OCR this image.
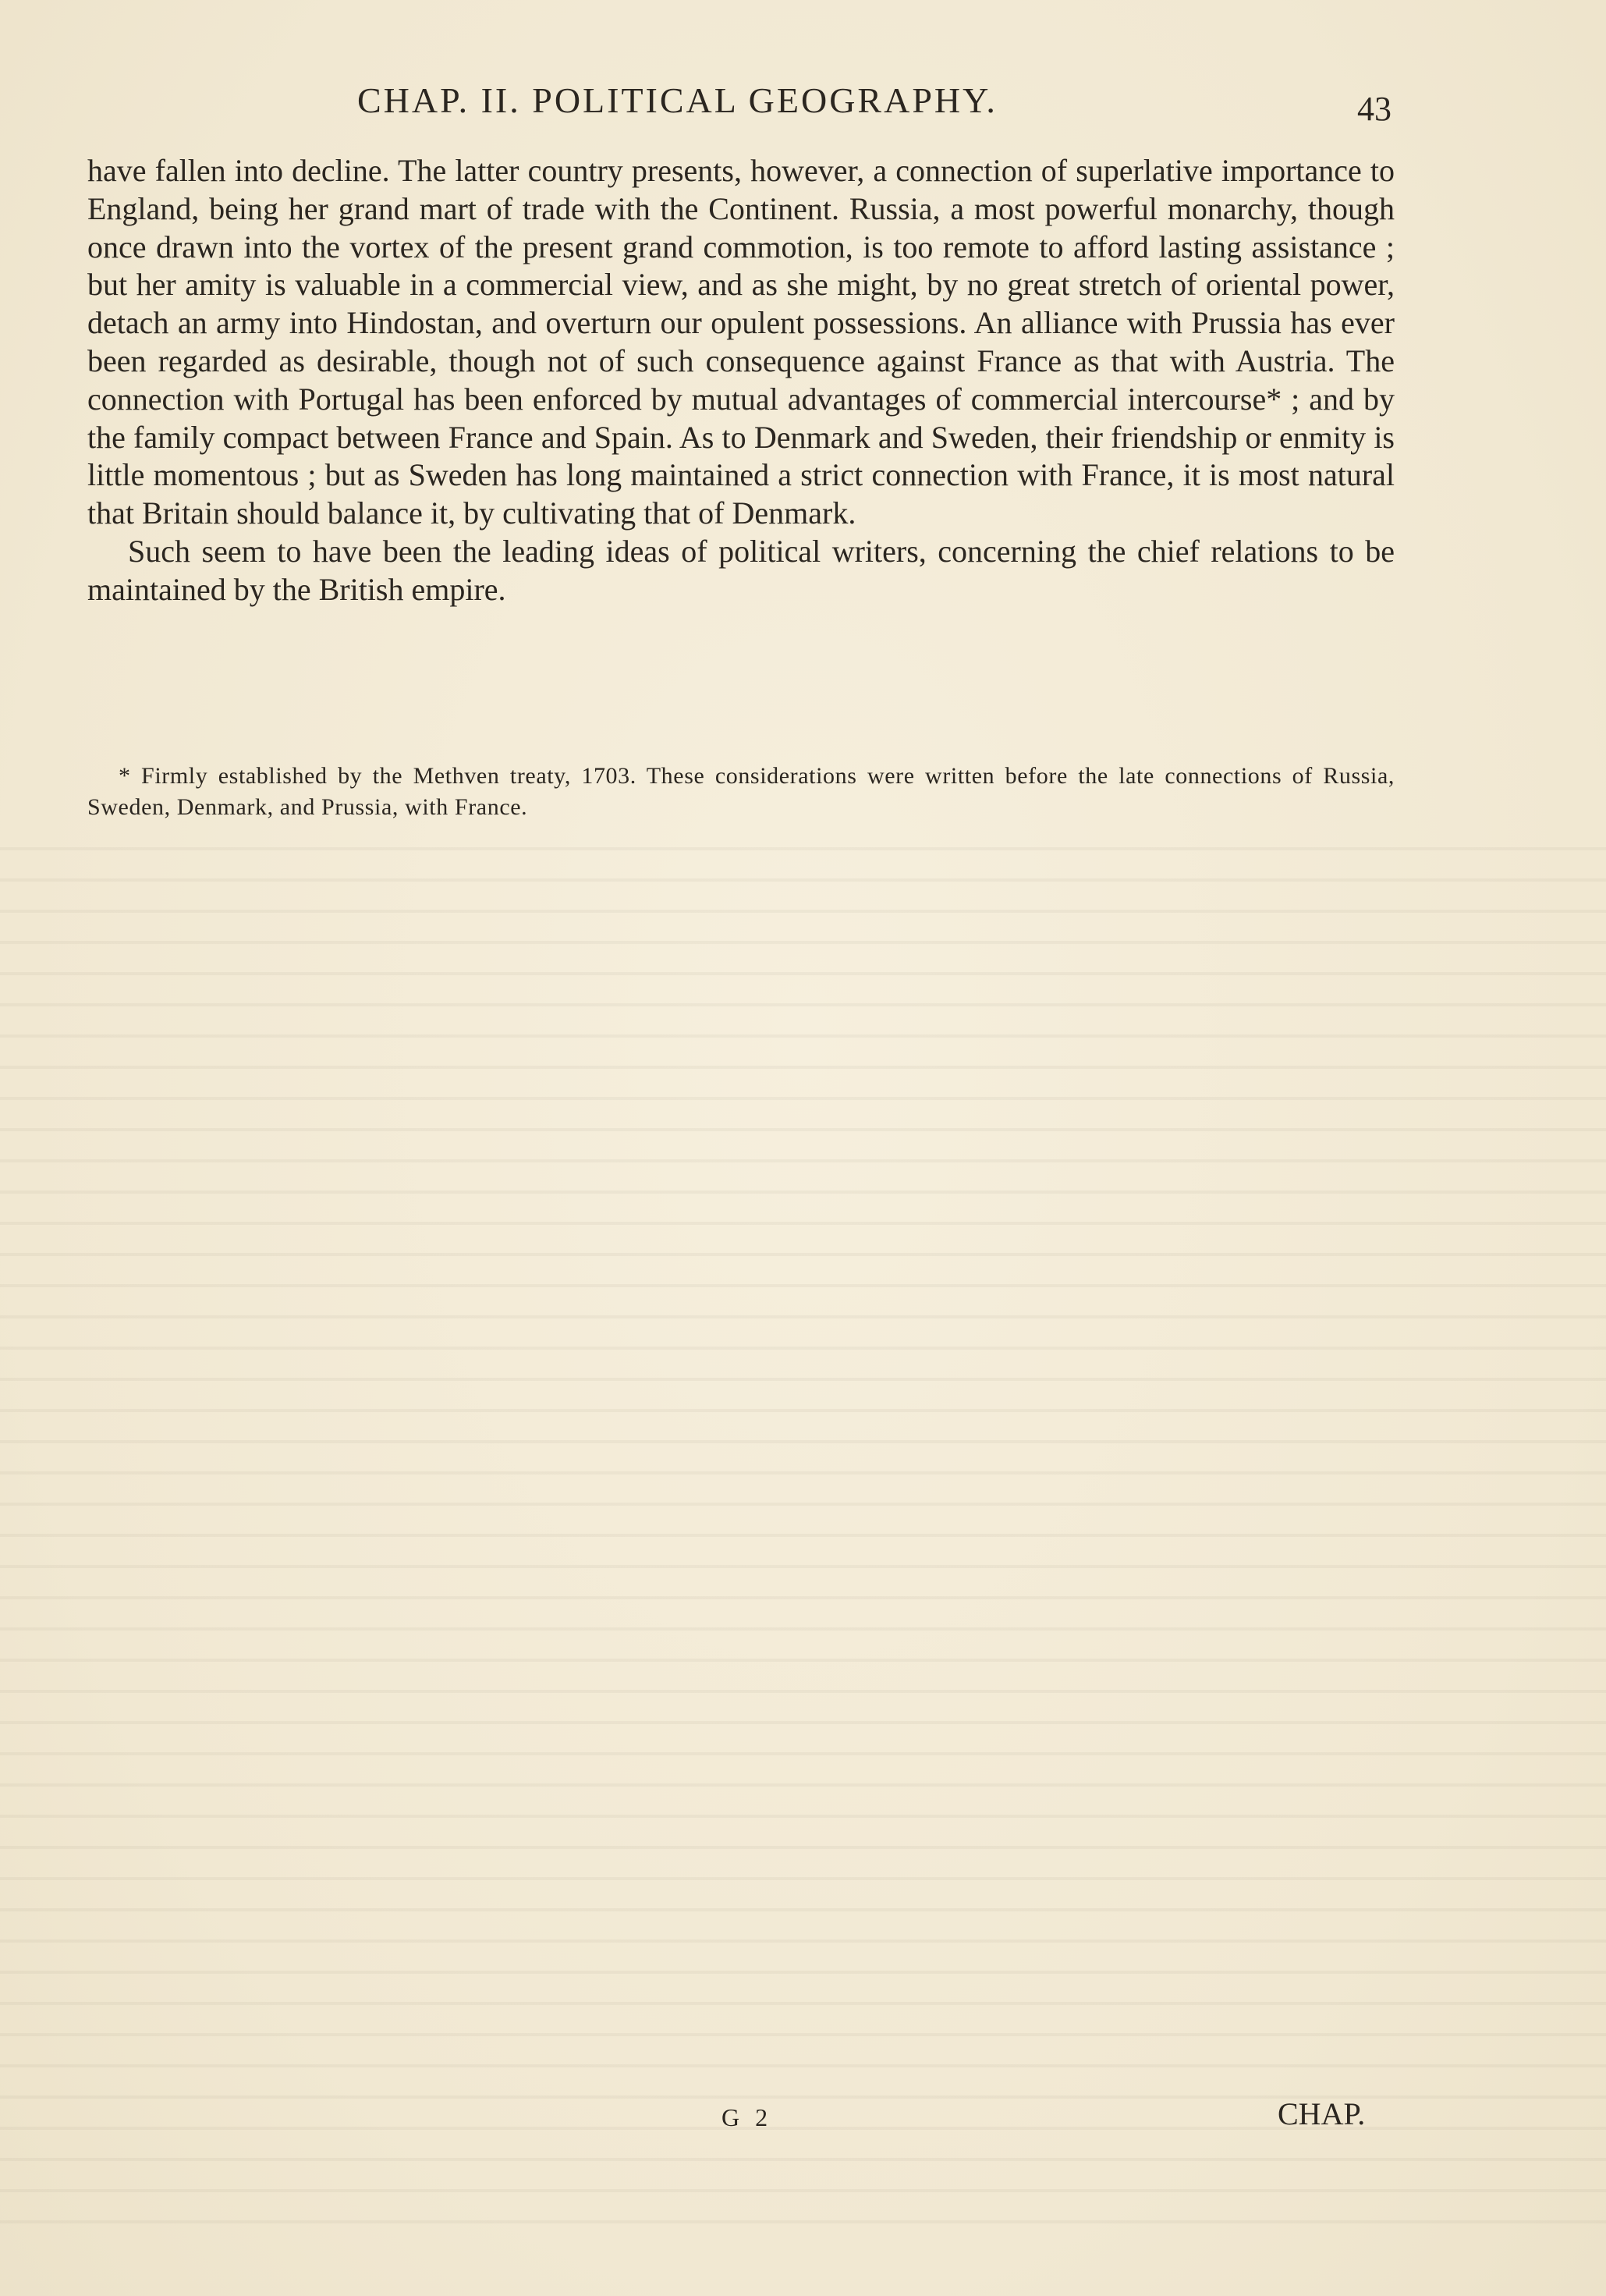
CHAP. II. POLITICAL GEOGRAPHY.	43

have fallen into decline. The latter country presents, however, a connection of superlative importance to England, being her grand mart of trade with the Continent. Russia, a most powerful monarchy, though once drawn into the vortex of the present grand commotion, is too remote to afford lasting assistance ; but her amity is valuable in a commercial view, and as she might, by no great stretch of oriental power, detach an army into Hindostan, and overturn our opulent possessions. An alliance with Prussia has ever been regarded as desirable, though not of such consequence against France as that with Austria. The connection with Portugal has been enforced by mutual advantages of commercial intercourse* ; and by the family compact between France and Spain. As to Denmark and Sweden, their friendship or enmity is little momentous ; but as Sweden has long maintained a strict connection with France, it is most natural that Britain should balance it, by cultivating that of Denmark.

Such seem to have been the leading ideas of political writers, concerning the chief relations to be maintained by the British empire.

* Firmly established by the Methven treaty, 1703. These considerations were written before the late connections of Russia, Sweden, Denmark, and Prussia, with France.
G 2	CHAP.
